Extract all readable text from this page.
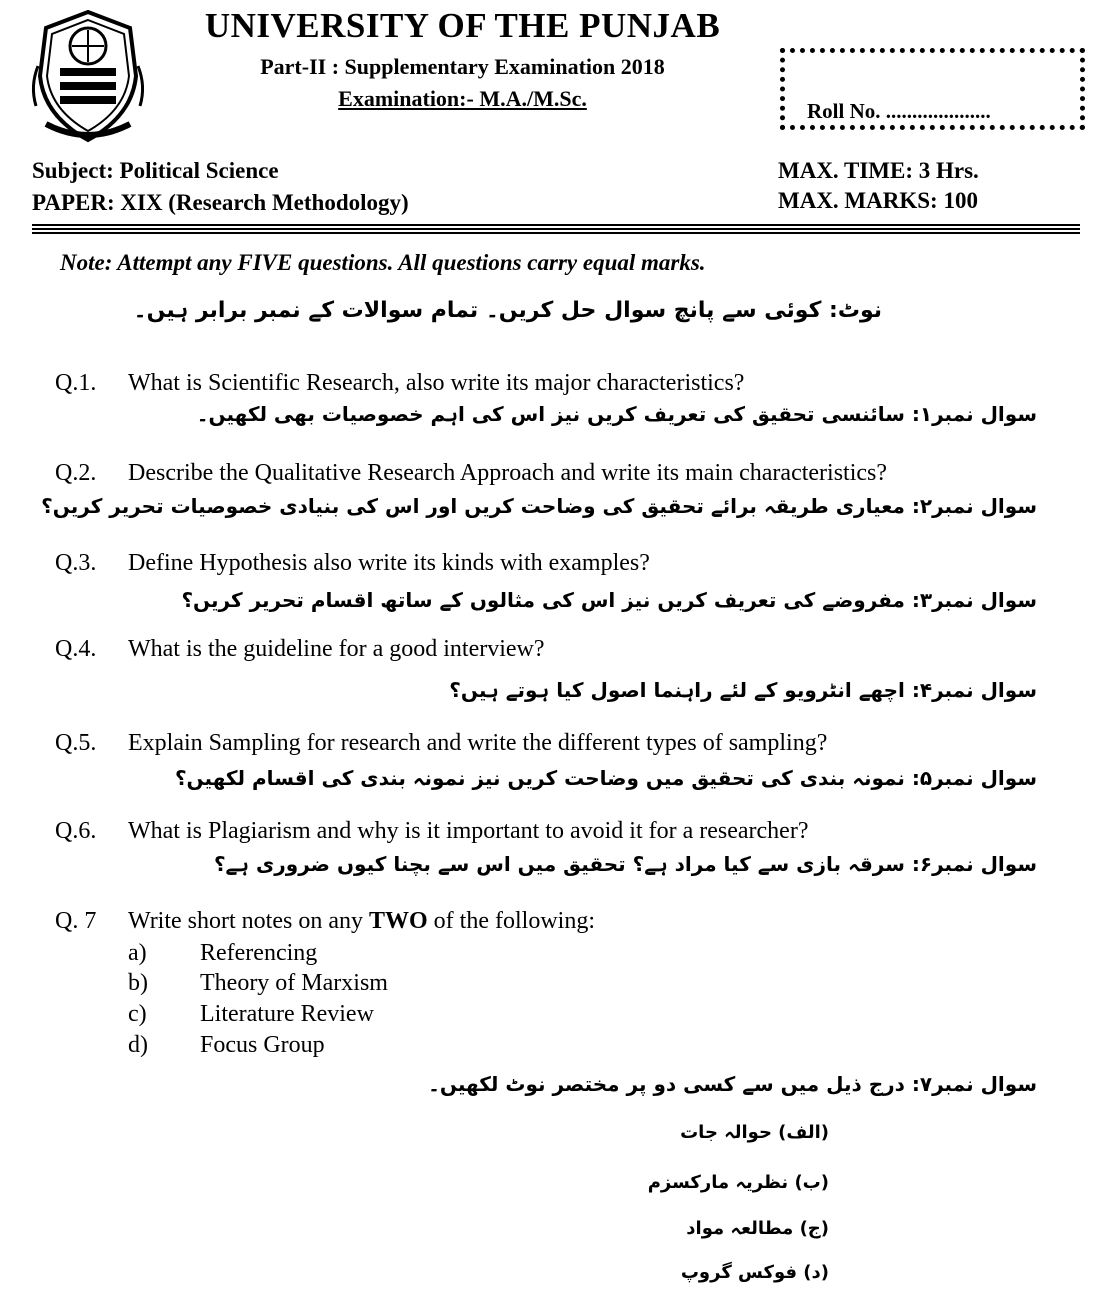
UNIVERSITY OF THE PUNJAB
Part-II : Supplementary Examination 2018
Examination:- M.A./M.Sc.	Roll No. ....................
Subject: Political Science
PAPER: XIX (Research Methodology)
MAX. TIME: 3 Hrs.
MAX. MARKS: 100
Note: Attempt any FIVE questions. All questions carry equal marks.
نوٹ: کوئی سے پانچ سوال حل کریں۔ تمام سوالات کے نمبر برابر ہیں۔
Q.1. What is Scientific Research, also write its major characteristics?
سوال نمبر۱: سائنسی تحقیق کی تعریف کریں نیز اس کی اہم خصوصیات بھی لکھیں۔
Q.2. Describe the Qualitative Research Approach and write its main characteristics?
سوال نمبر۲: معیاری طریقہ برائے تحقیق کی وضاحت کریں اور اس کی بنیادی خصوصیات تحریر کریں؟
Q.3. Define Hypothesis also write its kinds with examples?
سوال نمبر۳: مفروضے کی تعریف کریں نیز اس کی مثالوں کے ساتھ اقسام تحریر کریں؟
Q.4. What is the guideline for a good interview?
سوال نمبر۴: اچھے انٹرویو کے لئے راہنما اصول کیا ہوتے ہیں؟
Q.5. Explain Sampling for research and write the different types of sampling?
سوال نمبر۵: نمونہ بندی کی تحقیق میں وضاحت کریں نیز نمونہ بندی کی اقسام لکھیں؟
Q.6. What is Plagiarism and why is it important to avoid it for a researcher?
سوال نمبر۶: سرقہ بازی سے کیا مراد ہے؟ تحقیق میں اس سے بچنا کیوں ضروری ہے؟
Q. 7 Write short notes on any TWO of the following:
a) Referencing
b) Theory of Marxism
c) Literature Review
d) Focus Group
سوال نمبر۷: درج ذیل میں سے کسی دو پر مختصر نوٹ لکھیں۔
(الف) حوالہ جات
(ب) نظریہ مارکسزم
(ج) مطالعہ مواد
(د) فوکس گروپ
